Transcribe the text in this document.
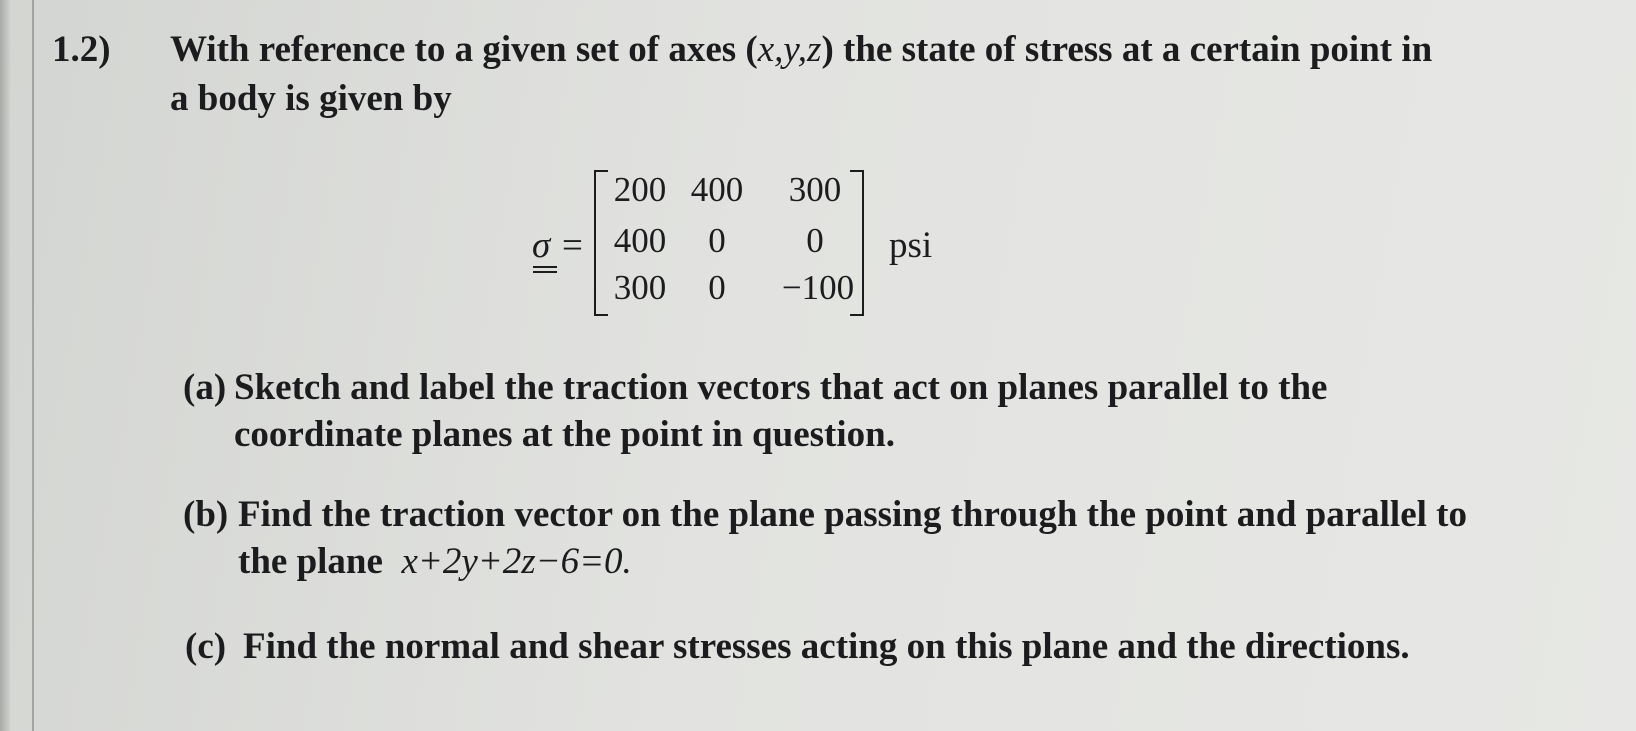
1.2) With reference to a given set of axes (x,y,z) the state of stress at a certain point in
a body is given by
σ =
200 400	300
400	0	0
300	0	−100
psi
(a) Sketch and label the traction vectors that act on planes parallel to the
coordinate planes at the point in question.
(b) Find the traction vector on the plane passing through the point and parallel to
the plane x+2y+2z−6=0.
(c) Find the normal and shear stresses acting on this plane and the directions.
